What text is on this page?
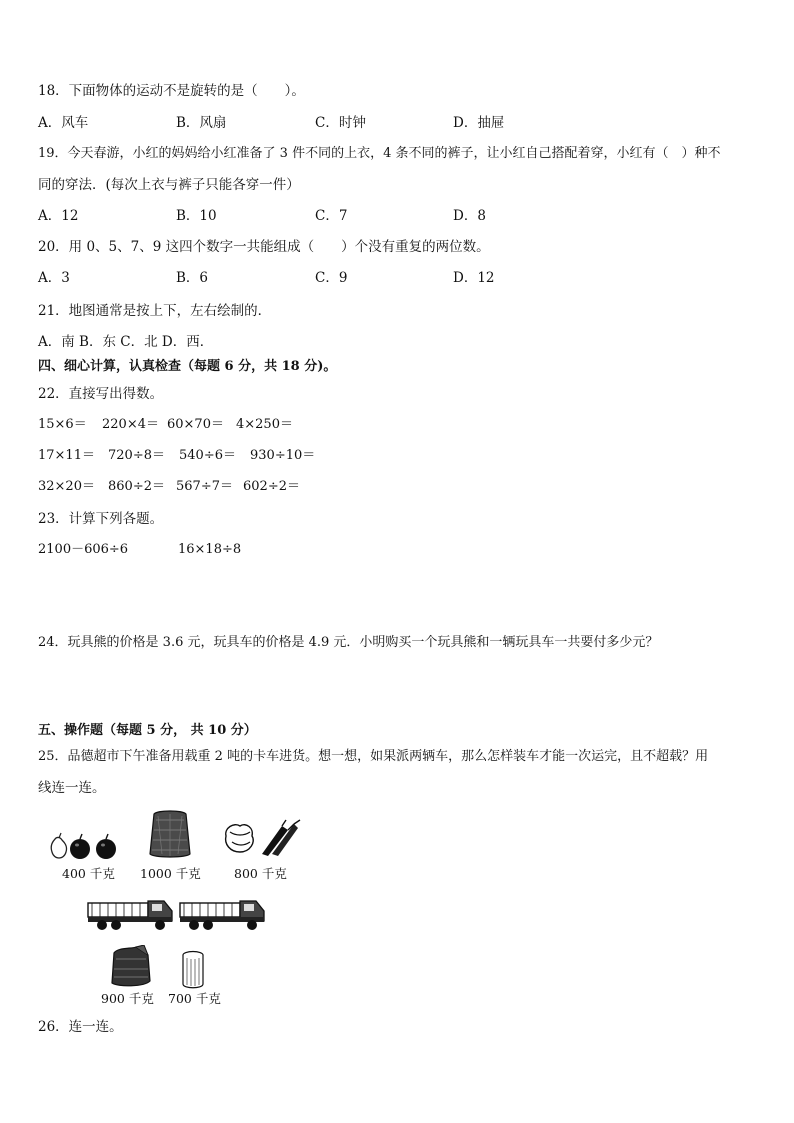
18．下面物体的运动不是旋转的是（　　）。
A．风车	B．风扇	C．时钟	D．抽屉
19．今天春游，小红的妈妈给小红准备了 3 件不同的上衣，4 条不同的裤子，让小红自己搭配着穿，小红有（　）种不
同的穿法．(每次上衣与裤子只能各穿一件）
A．12	B．10	C．7	D．8
20．用 0、5、7、9 这四个数字一共能组成（　　）个没有重复的两位数。
A．3	B．6	C．9	D．12
21．地图通常是按上下，左右绘制的．
A．南 B．东 C．北 D．西．
四、细心计算，认真检查（每题 6 分，共 18 分)。
22．直接写出得数。
15×6＝ 220×4＝ 60×70＝ 4×250＝
17×11＝ 720÷8＝ 540÷6＝ 930÷10＝
32×20＝ 860÷2＝ 567÷7＝ 602÷2＝
23．计算下列各题。
2100－606÷6	16×18÷8
24．玩具熊的价格是 3.6 元，玩具车的价格是 4.9 元．小明购买一个玩具熊和一辆玩具车一共要付多少元？
五、操作题（每题 5 分， 共 10 分）
25．品德超市下午准备用载重 2 吨的卡车进货。想一想，如果派两辆车，那么怎样装车才能一次运完，且不超载？用
线连一连。
400 千克 1000 千克	800 千克
900 千克 700 千克
26．连一连。
